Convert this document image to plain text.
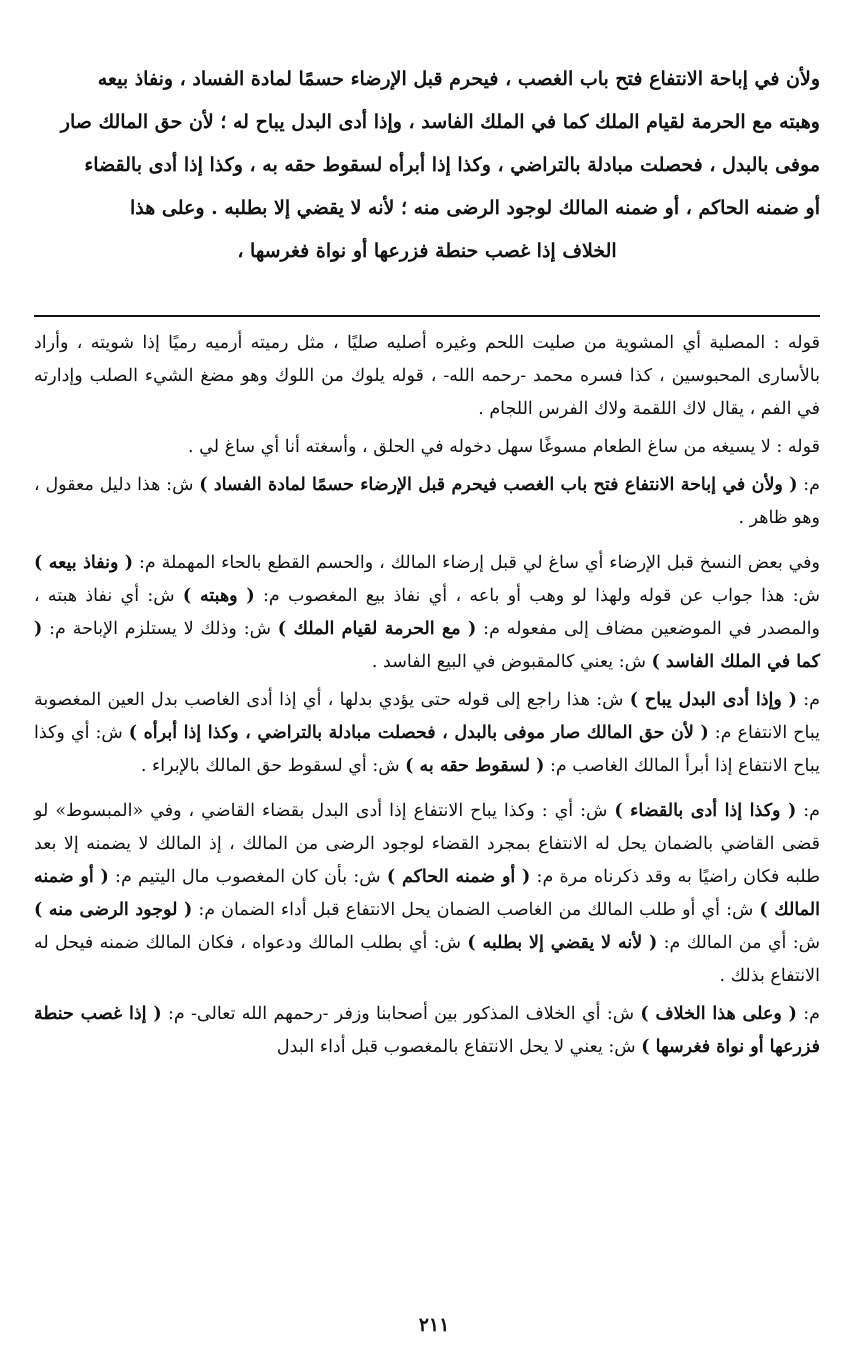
ولأن في إباحة الانتفاع فتح باب الغصب ، فيحرم قبل الإرضاء حسمًا لمادة الفساد ، ونفاذ بيعه

وهبته مع الحرمة لقيام الملك كما في الملك الفاسد ، وإذا أدى البدل يباح له ؛ لأن حق المالك صار

موفى بالبدل ، فحصلت مبادلة بالتراضي ، وكذا إذا أبرأه لسقوط حقه به ، وكذا إذا أدى بالقضاء

أو ضمنه الحاكم ، أو ضمنه المالك لوجود الرضى منه ؛ لأنه لا يقضي إلا بطلبه . وعلى هذا

الخلاف إذا غصب حنطة فزرعها أو نواة فغرسها ،

قوله : المصلية أي المشوية من صليت اللحم وغيره أصليه صليًا ، مثل رميته أرميه رميًا إذا شويته ، وأراد بالأسارى المحبوسين ، كذا فسره محمد -رحمه الله- ، قوله يلوك من اللوك وهو مضغ الشيء الصلب وإدارته في الفم ، يقال لاك اللقمة ولاك الفرس اللجام .

قوله : لا يسيغه من ساغ الطعام مسوغًا سهل دخوله في الحلق ، وأسغته أنا أي ساغ لي .

م: ( ولأن في إباحة الانتفاع فتح باب الغصب فيحرم قبل الإرضاء حسمًا لمادة الفساد ) ش: هذا دليل معقول ، وهو ظاهر .

وفي بعض النسخ قبل الإرضاء أي ساغ لي قبل إرضاء المالك ، والحسم القطع بالحاء المهملة م: ( ونفاذ بيعه ) ش: هذا جواب عن قوله ولهذا لو وهب أو باعه ، أي نفاذ بيع المغصوب م: ( وهبته ) ش: أي نفاذ هبته ، والمصدر في الموضعين مضاف إلى مفعوله م: ( مع الحرمة لقيام الملك ) ش: وذلك لا يستلزم الإباحة م: ( كما في الملك الفاسد ) ش: يعني كالمقبوض في البيع الفاسد .

م: ( وإذا أدى البدل يباح ) ش: هذا راجع إلى قوله حتى يؤدي بدلها ، أي إذا أدى الغاصب بدل العين المغصوبة يباح الانتفاع م: ( لأن حق المالك صار موفى بالبدل ، فحصلت مبادلة بالتراضي ، وكذا إذا أبرأه ) ش: أي وكذا يباح الانتفاع إذا أبرأ المالك الغاصب م: ( لسقوط حقه به ) ش: أي لسقوط حق المالك بالإبراء .

م: ( وكذا إذا أدى بالقضاء ) ش: أي : وكذا يباح الانتفاع إذا أدى البدل بقضاء القاضي ، وفي «المبسوط» لو قضى القاضي بالضمان يحل له الانتفاع بمجرد القضاء لوجود الرضى من المالك ، إذ المالك لا يضمنه إلا بعد طلبه فكان راضيًا به وقد ذكرناه مرة م: ( أو ضمنه الحاكم ) ش: بأن كان المغصوب مال اليتيم م: ( أو ضمنه المالك ) ش: أي أو طلب المالك من الغاصب الضمان يحل الانتفاع قبل أداء الضمان م: ( لوجود الرضى منه ) ش: أي من المالك م: ( لأنه لا يقضي إلا بطلبه ) ش: أي بطلب المالك ودعواه ، فكان المالك ضمنه فيحل له الانتفاع بذلك .

م: ( وعلى هذا الخلاف ) ش: أي الخلاف المذكور بين أصحابنا وزفر -رحمهم الله تعالى- م: ( إذا غصب حنطة فزرعها أو نواة فغرسها ) ش: يعني لا يحل الانتفاع بالمغصوب قبل أداء البدل

٢١١
